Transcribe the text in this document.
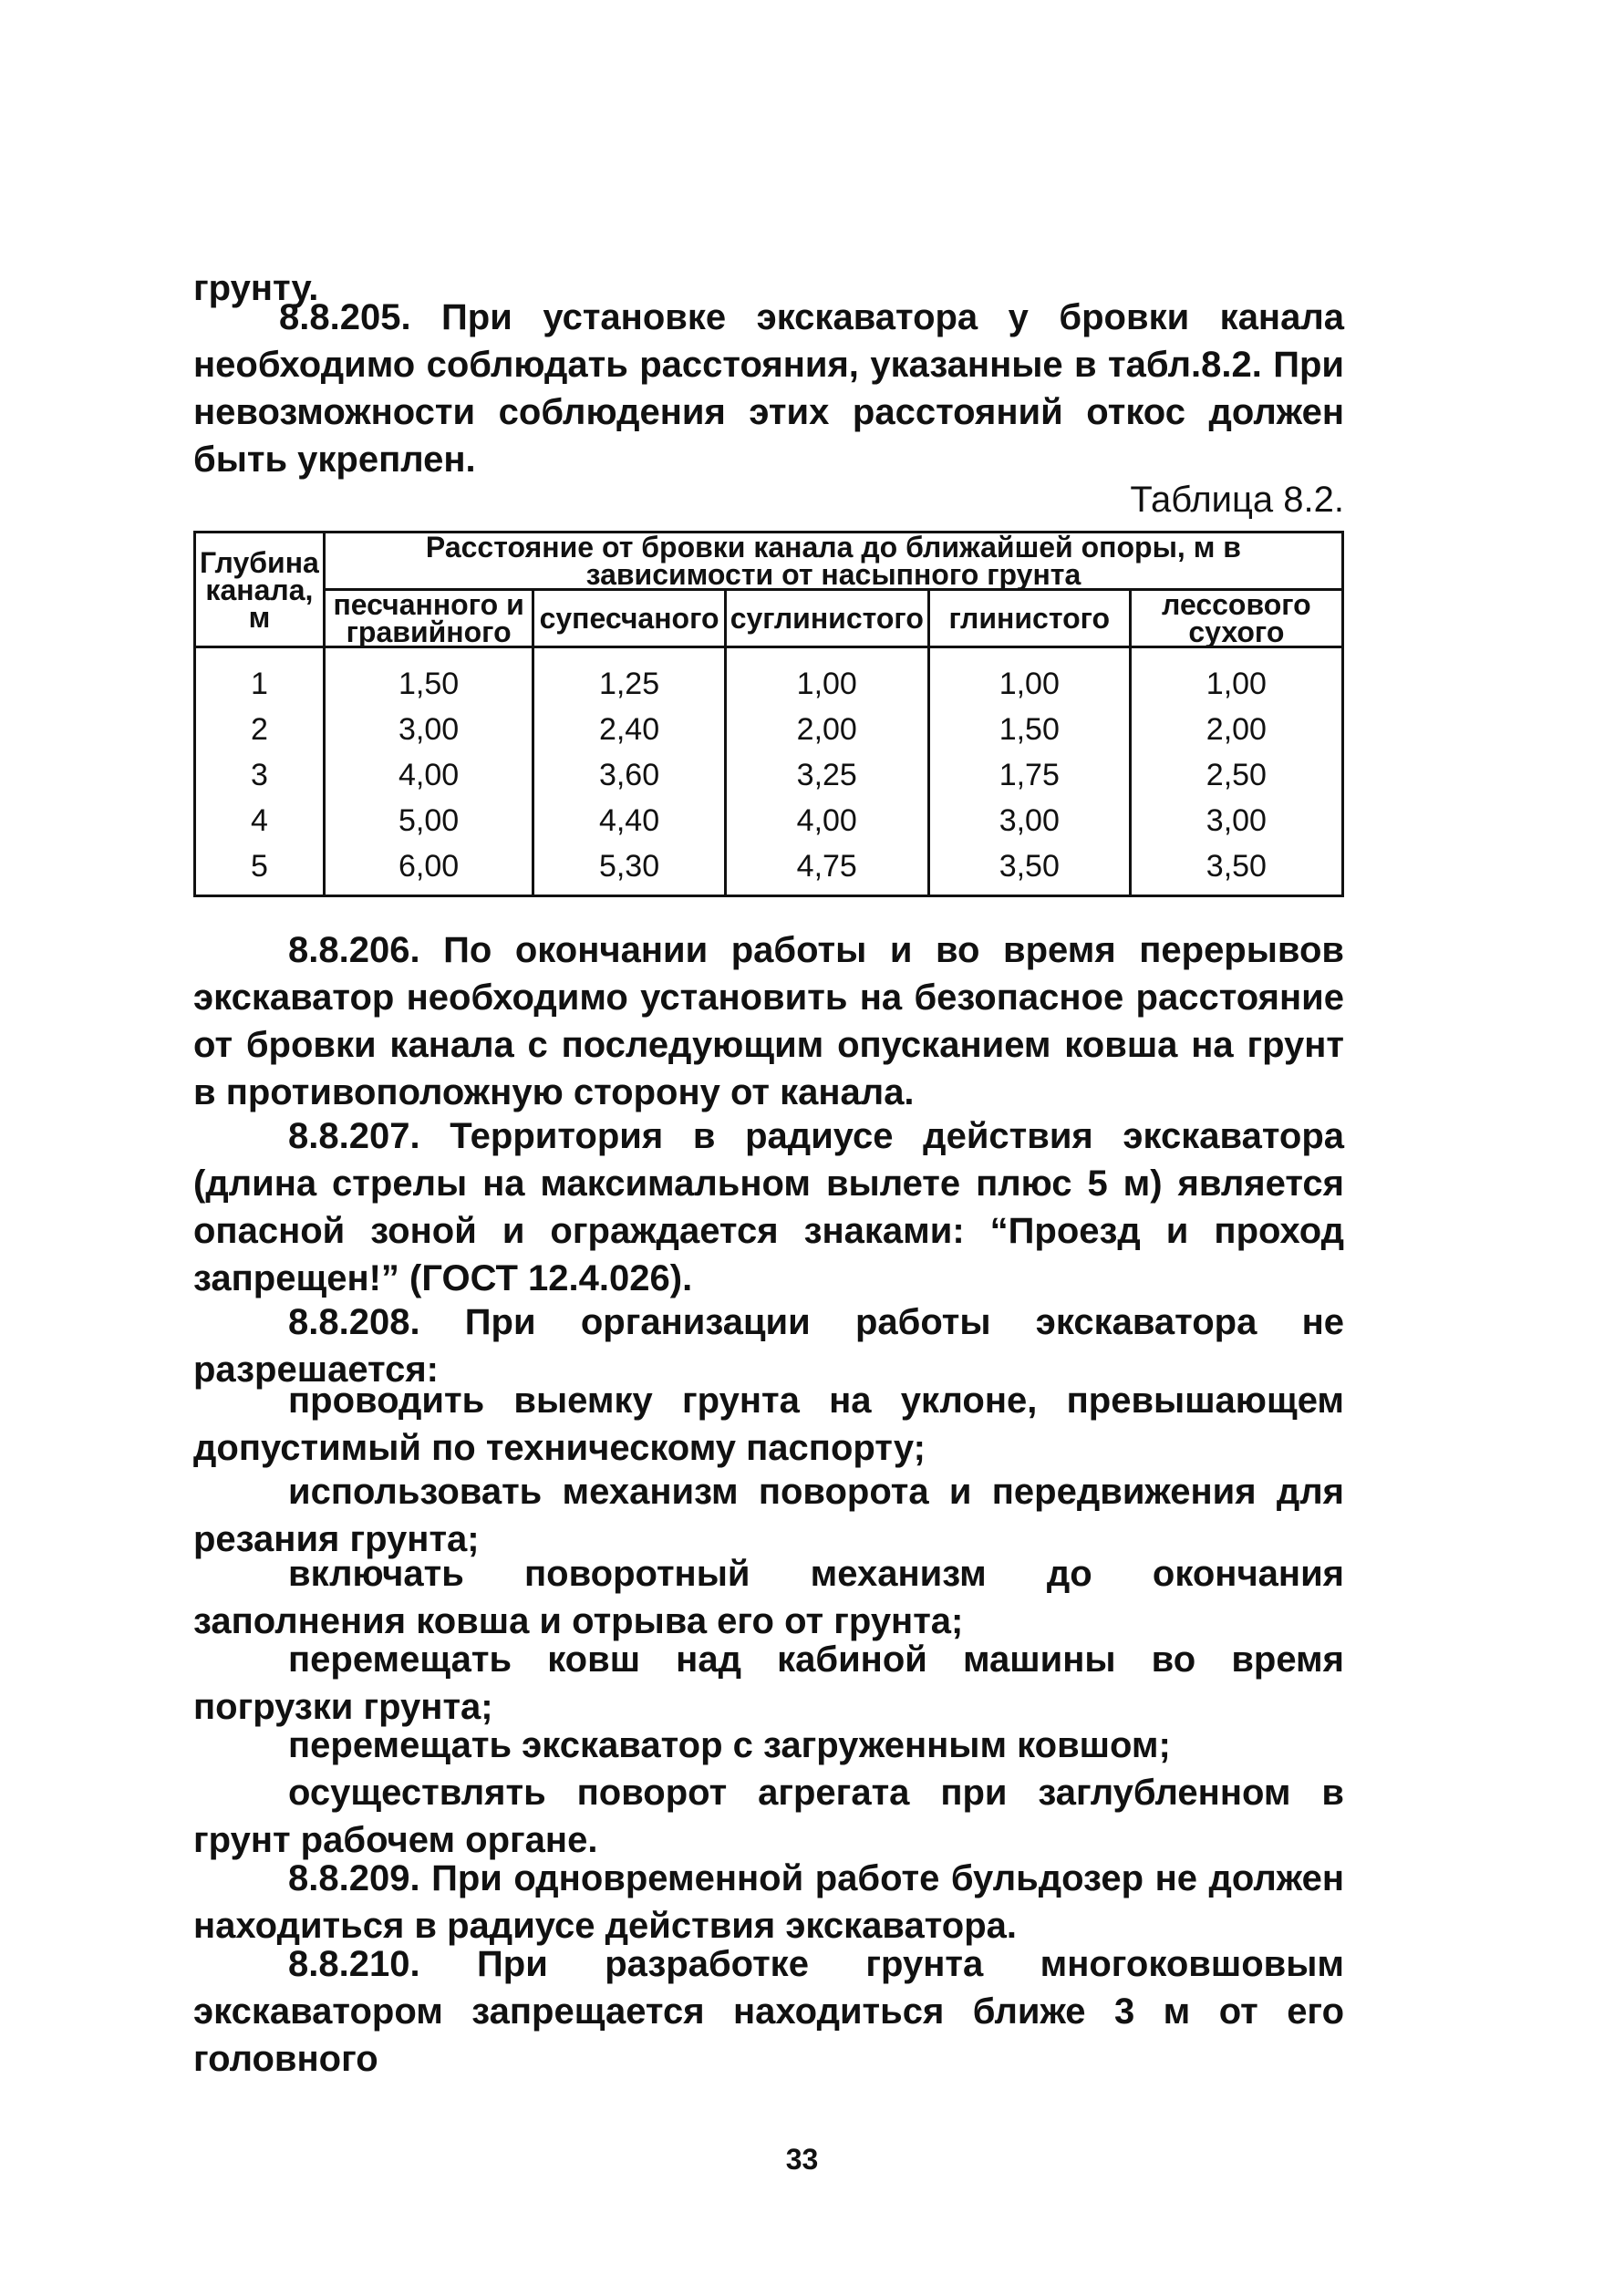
грунту.

8.8.205. При установке экскаватора у бровки канала необходимо соблюдать расстояния, указанные в табл.8.2. При невозможности соблюдения этих расстояний откос должен быть укреплен.

Таблица 8.2.
Глубина канала, м	Расстояние от бровки канала до ближайшей опоры, м в зависимости от насыпного грунта				
	песчанного и гравийного	супесчаного	суглинистого	глинистого	лессового сухого
1	1,50	1,25	1,00	1,00	1,00
2	3,00	2,40	2,00	1,50	2,00
3	4,00	3,60	3,25	1,75	2,50
4	5,00	4,40	4,00	3,00	3,00
5	6,00	5,30	4,75	3,50	3,50

8.8.206. По окончании работы и во время перерывов экскаватор необходимо установить на безопасное расстояние от бровки канала с последующим опусканием ковша на грунт в противоположную сторону от канала.

8.8.207. Территория в радиусе действия экскаватора (длина стрелы на максимальном вылете плюс 5 м) является опасной зоной и ограждается знаками: “Проезд и проход запрещен!” (ГОСТ 12.4.026).

8.8.208. При организации работы экскаватора не разрешается:

проводить выемку грунта на уклоне, превышающем допустимый по техническому паспорту;

использовать механизм поворота и передвижения для резания грунта;

включать поворотный механизм до окончания заполнения ковша и отрыва его от грунта;

перемещать ковш над кабиной машины во время погрузки грунта;

перемещать экскаватор с загруженным ковшом;

осуществлять поворот агрегата при заглубленном в грунт рабочем органе.

8.8.209. При одновременной работе бульдозер не должен находиться в радиусе действия экскаватора.

8.8.210. При разработке грунта многоковшовым экскаватором запрещается находиться ближе 3 м от его головного

33
